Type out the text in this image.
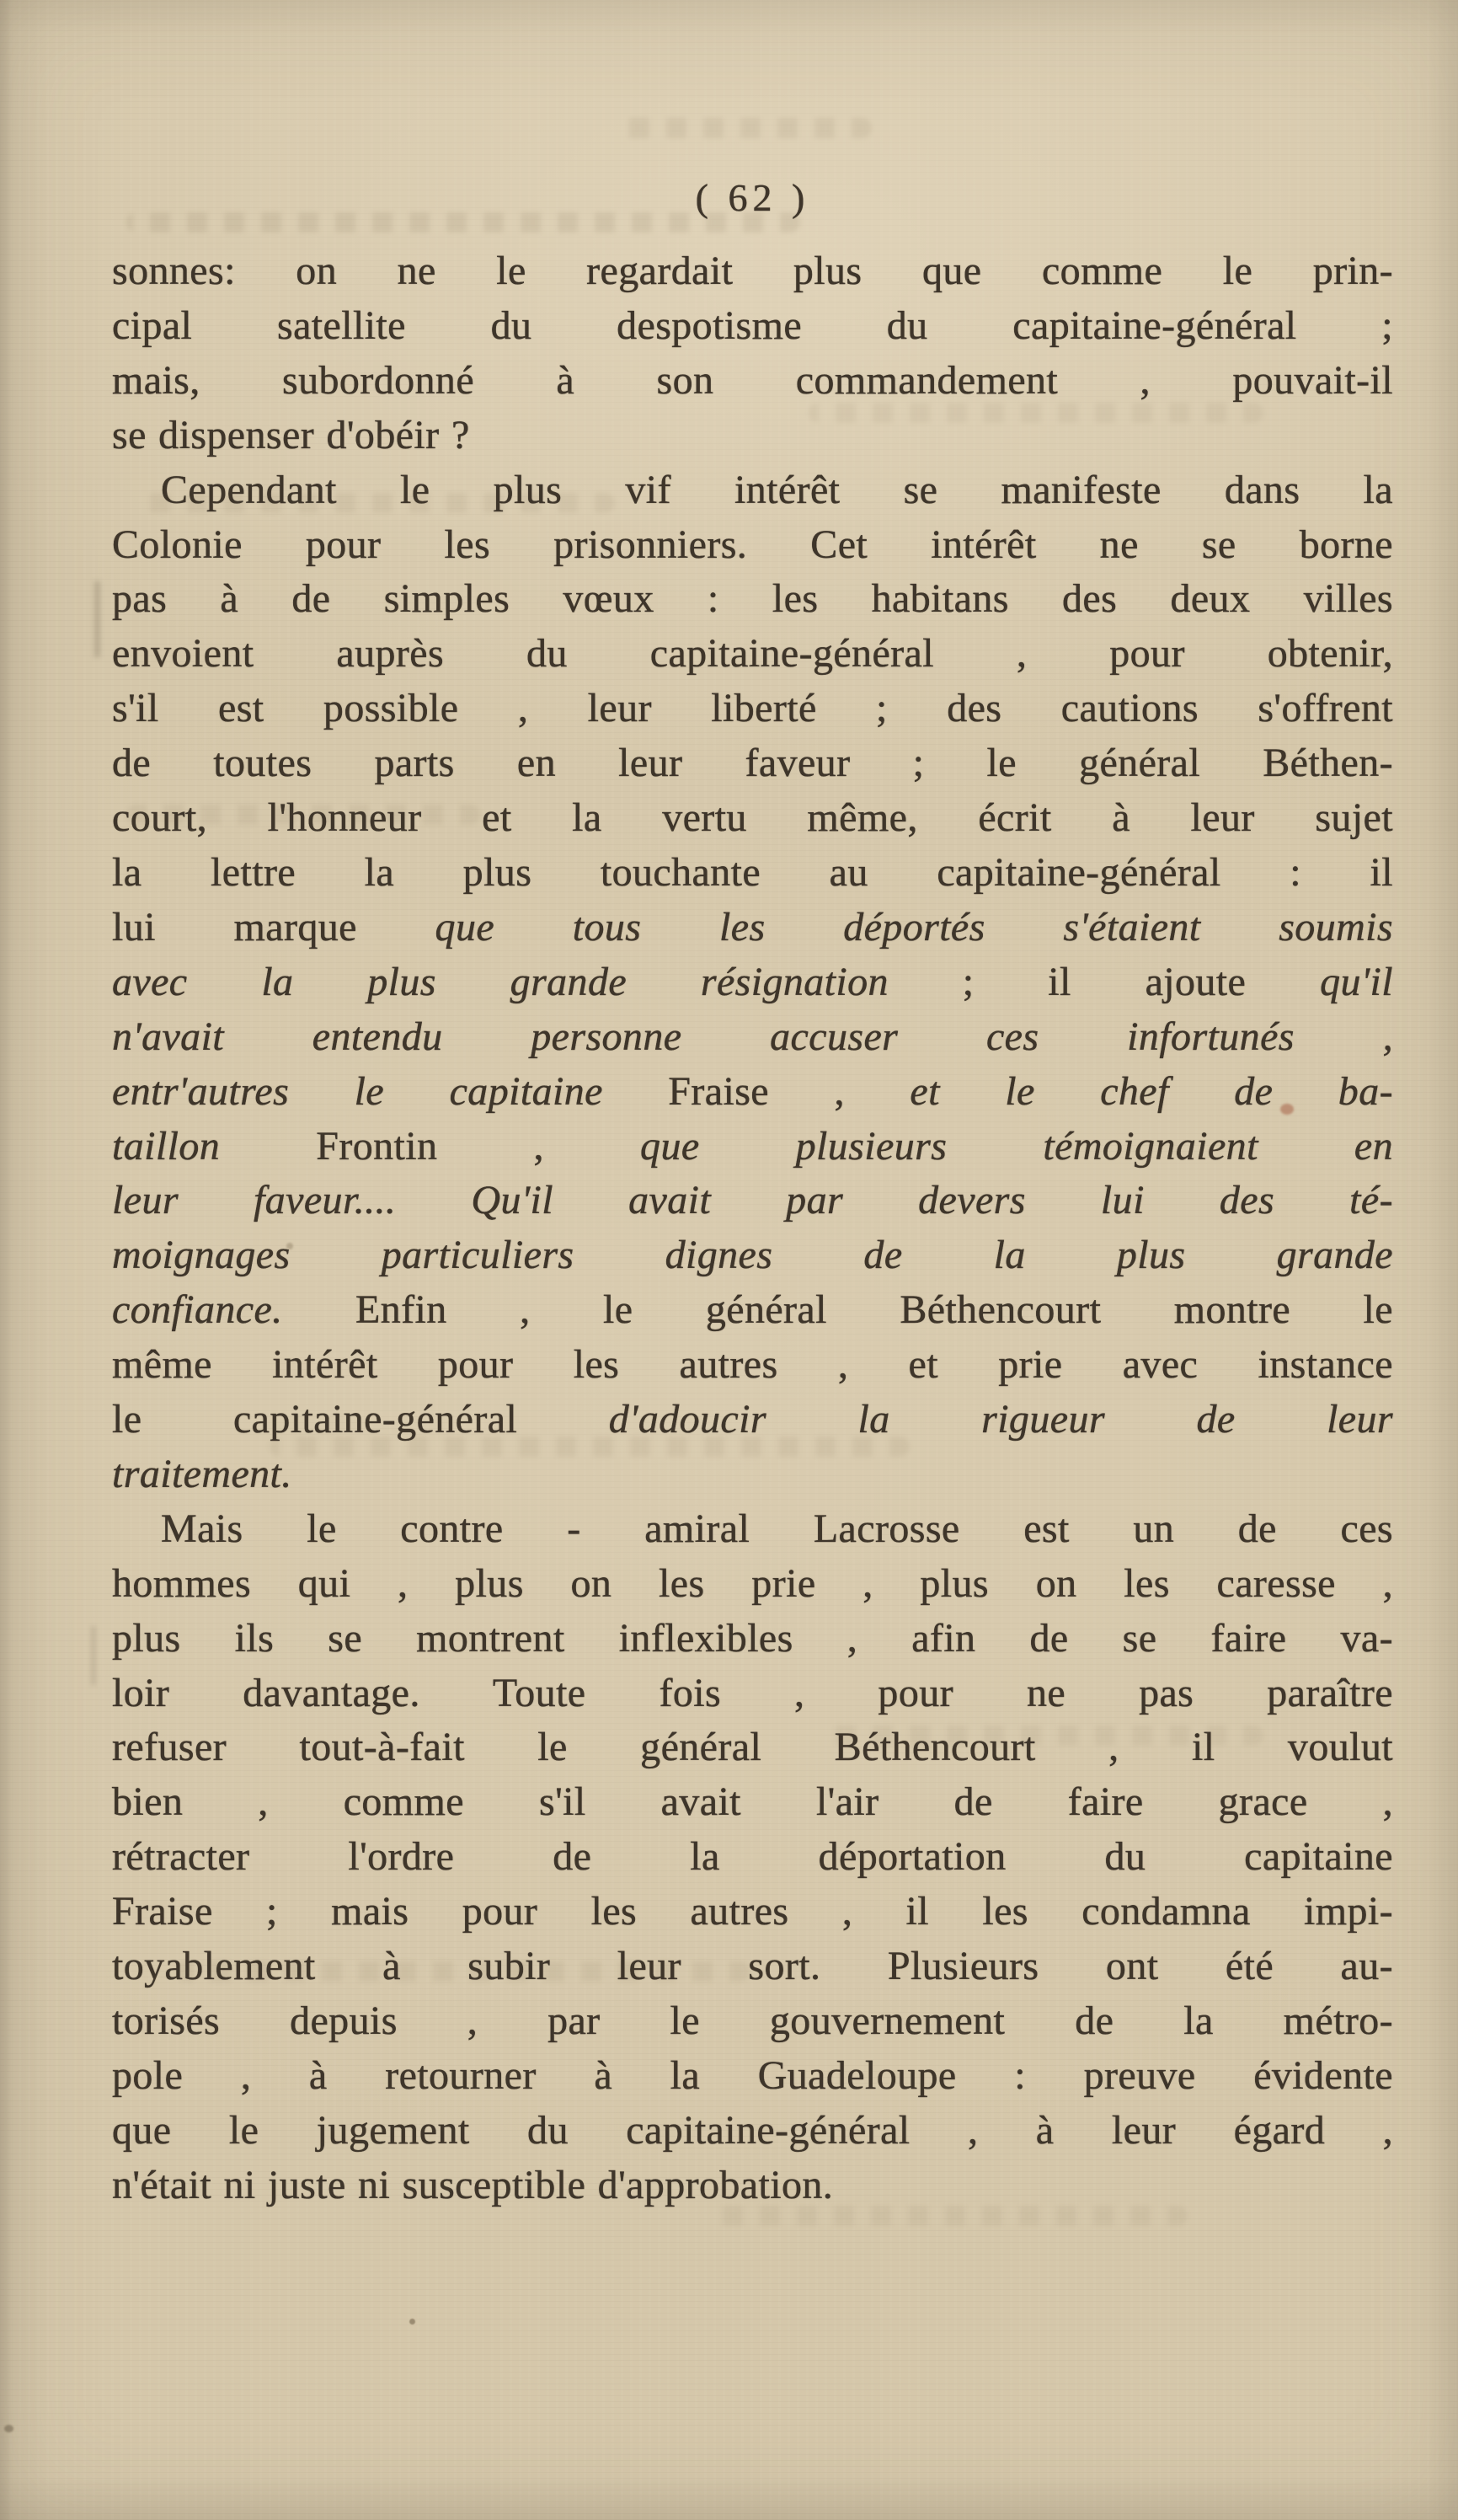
( 62 )
sonnes: on ne le regardait plus que comme le prin-
cipal satellite du despotisme du capitaine-général ;
mais, subordonné à son commandement , pouvait-il
se dispenser d'obéir ?
Cependant le plus vif intérêt se manifeste dans la
Colonie pour les prisonniers. Cet intérêt ne se borne
pas à de simples vœux : les habitans des deux villes
envoient auprès du capitaine-général , pour obtenir,
s'il est possible , leur liberté ; des cautions s'offrent
de toutes parts en leur faveur ; le général Béthen-
court, l'honneur et la vertu même, écrit à leur sujet
la lettre la plus touchante au capitaine-général : il
lui marque que tous les déportés s'étaient soumis
avec la plus grande résignation ; il ajoute qu'il
n'avait entendu personne accuser ces infortunés ,
entr'autres le capitaine Fraise , et le chef de ba-
taillon Frontin , que plusieurs témoignaient en
leur faveur.... Qu'il avait par devers lui des té-
moignages particuliers dignes de la plus grande
confiance. Enfin , le général Béthencourt montre le
même intérêt pour les autres , et prie avec instance
le capitaine-général d'adoucir la rigueur de leur
traitement.
Mais le contre - amiral Lacrosse est un de ces
hommes qui , plus on les prie , plus on les caresse ,
plus ils se montrent inflexibles , afin de se faire va-
loir davantage. Toute fois , pour ne pas paraître
refuser tout-à-fait le général Béthencourt , il voulut
bien , comme s'il avait l'air de faire grace ,
rétracter l'ordre de la déportation du capitaine
Fraise ; mais pour les autres , il les condamna impi-
toyablement à subir leur sort. Plusieurs ont été au-
torisés depuis , par le gouvernement de la métro-
pole , à retourner à la Guadeloupe : preuve évidente
que le jugement du capitaine-général , à leur égard ,
n'était ni juste ni susceptible d'approbation.
